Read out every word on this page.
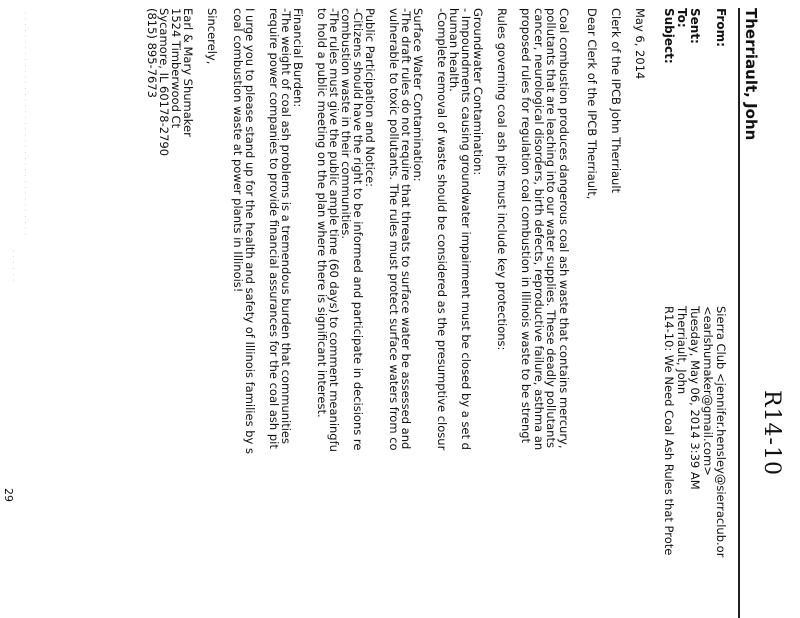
R14-10
Therriault, John
From:
Sierra Club <jennifer.hensley@sierraclub.or
<earlshumaker@gmail.com>
Sent:
Tuesday, May 06, 2014 3:39 AM
To:
Therriault, John
Subject:
R14-10: We Need Coal Ash Rules that Prote
May 6, 2014
Clerk of the IPCB John Therriault
Dear Clerk of the IPCB Therriault,
Coal combustion produces dangerous coal ash waste that contains mercury,
pollutants that are leaching into our water supplies. These deadly pollutants
cancer, neurological disorders, birth defects, reproductive failure, asthma an
proposed rules for regulation coal combustion in Illinois waste to be strengt
Rules governing coal ash pits must include key protections:
Groundwater Contamination:
- Impoundments causing groundwater impairment must be closed by a set d
human health.
-Complete removal of waste should be considered as the presumptive closur
Surface Water Contamination:
-The draft rules do not require that threats to surface water be assessed and
vulnerable to toxic pollutants. The rules must protect surface waters from co
Public Participation and Notice:
-Citizens should have the right to be informed and participate in decisions re
combustion waste in their communities.
-The rules must give the public ample time (60 days) to comment meaningfu
to hold a public meeting on the plan where there is significant interest.
Financial Burden:
-The weight of coal ash problems is a tremendous burden that communities
require power companies to provide financial assurances for the coal ash pit
I urge you to please stand up for the health and safety of Illinois families by s
coal combustion waste at power plants in Illinois!
Sincerely,
Earl & Mary Shumaker
1524 Timberwood Ct
Sycamore, IL 60178-2790
(815) 895-7673
. . . . . . . . . . . . . . . . . . . . . . . . . . . . . . . . . . . . . . .
. . . . . .
29
